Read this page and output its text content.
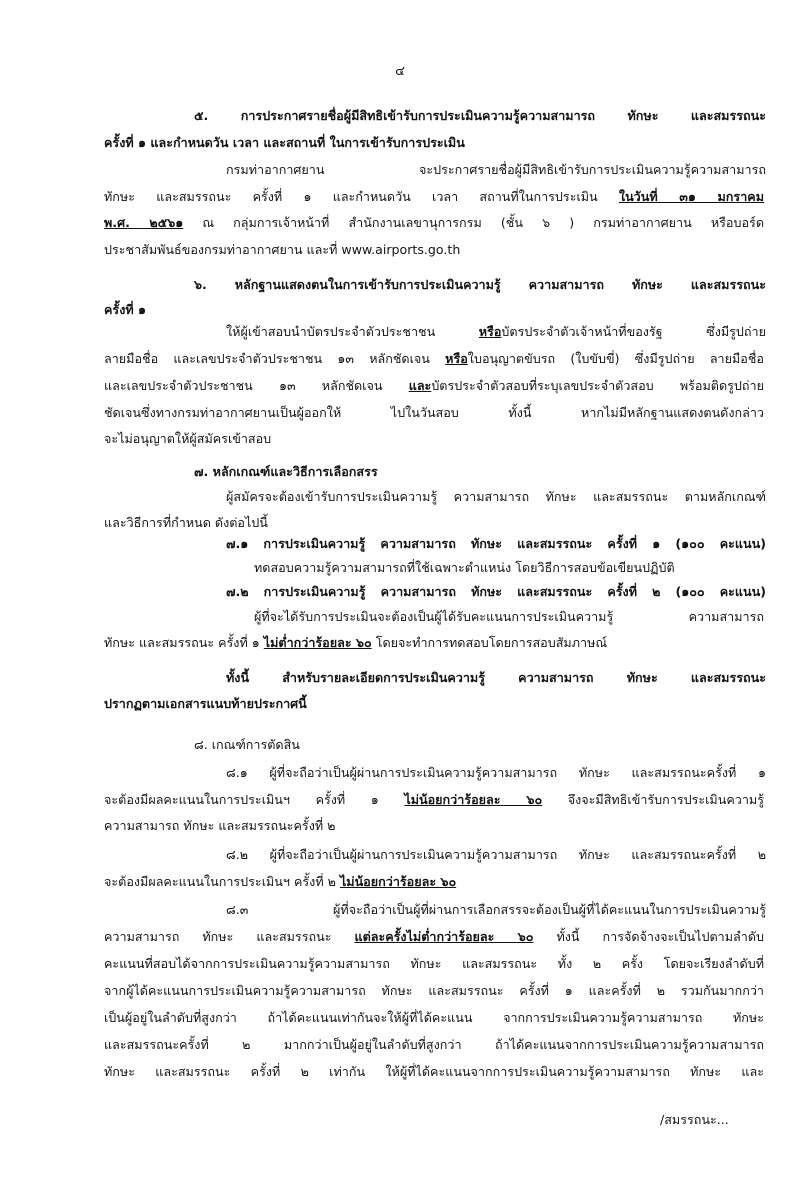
๔
๕. การประกาศรายชื่อผู้มีสิทธิเข้ารับการประเมินความรู้ความสามารถ ทักษะ และสมรรถนะ
ครั้งที่ ๑ และกำหนดวัน เวลา และสถานที่ ในการเข้ารับการประเมิน
กรมท่าอากาศยาน จะประกาศรายชื่อผู้มีสิทธิเข้ารับการประเมินความรู้ความสามารถ
ทักษะ และสมรรถนะ ครั้งที่ ๑ และกำหนดวัน เวลา สถานที่ในการประเมิน ในวันที่ ๓๑ มกราคม
พ.ศ. ๒๕๖๑ ณ กลุ่มการเจ้าหน้าที่ สำนักงานเลขานุการกรม (ชั้น ๖ ) กรมท่าอากาศยาน หรือบอร์ด
ประชาสัมพันธ์ของกรมท่าอากาศยาน และที่ www.airports.go.th
๖. หลักฐานแสดงตนในการเข้ารับการประเมินความรู้ ความสามารถ ทักษะ และสมรรถนะ
ครั้งที่ ๑
ให้ผู้เข้าสอบนำบัตรประจำตัวประชาชน หรือบัตรประจำตัวเจ้าหน้าที่ของรัฐ ซึ่งมีรูปถ่าย
ลายมือชื่อ และเลขประจำตัวประชาชน ๑๓ หลักชัดเจน หรือใบอนุญาตขับรถ (ใบขับขี่) ซึ่งมีรูปถ่าย ลายมือชื่อ
และเลขประจำตัวประชาชน ๑๓ หลักชัดเจน และบัตรประจำตัวสอบที่ระบุเลขประจำตัวสอบ พร้อมติดรูปถ่าย
ชัดเจนซึ่งทางกรมท่าอากาศยานเป็นผู้ออกให้ ไปในวันสอบ ทั้งนี้ หากไม่มีหลักฐานแสดงตนดังกล่าว
จะไม่อนุญาตให้ผู้สมัครเข้าสอบ
๗. หลักเกณฑ์และวิธีการเลือกสรร
ผู้สมัครจะต้องเข้ารับการประเมินความรู้ ความสามารถ ทักษะ และสมรรถนะ ตามหลักเกณฑ์
และวิธีการที่กำหนด ดังต่อไปนี้
๗.๑ การประเมินความรู้ ความสามารถ ทักษะ และสมรรถนะ ครั้งที่ ๑ (๑๐๐ คะแนน)
ทดสอบความรู้ความสามารถที่ใช้เฉพาะตำแหน่ง โดยวิธีการสอบข้อเขียนปฏิบัติ
๗.๒ การประเมินความรู้ ความสามารถ ทักษะ และสมรรถนะ ครั้งที่ ๒ (๑๐๐ คะแนน)
ผู้ที่จะได้รับการประเมินจะต้องเป็นผู้ได้รับคะแนนการประเมินความรู้ ความสามารถ
ทักษะ และสมรรถนะ ครั้งที่ ๑ ไม่ต่ำกว่าร้อยละ ๖๐ โดยจะทำการทดสอบโดยการสอบสัมภาษณ์
ทั้งนี้ สำหรับรายละเอียดการประเมินความรู้ ความสามารถ ทักษะ และสมรรถนะ
ปรากฏตามเอกสารแนบท้ายประกาศนี้
๘. เกณฑ์การตัดสิน
๘.๑ ผู้ที่จะถือว่าเป็นผู้ผ่านการประเมินความรู้ความสามารถ ทักษะ และสมรรถนะครั้งที่ ๑
จะต้องมีผลคะแนนในการประเมินฯ ครั้งที่ ๑ ไม่น้อยกว่าร้อยละ ๖๐ จึงจะมีสิทธิเข้ารับการประเมินความรู้
ความสามารถ ทักษะ และสมรรถนะครั้งที่ ๒
๘.๒ ผู้ที่จะถือว่าเป็นผู้ผ่านการประเมินความรู้ความสามารถ ทักษะ และสมรรถนะครั้งที่ ๒
จะต้องมีผลคะแนนในการประเมินฯ ครั้งที่ ๒ ไม่น้อยกว่าร้อยละ ๖๐
๘.๓ ผู้ที่จะถือว่าเป็นผู้ที่ผ่านการเลือกสรรจะต้องเป็นผู้ที่ได้คะแนนในการประเมินความรู้
ความสามารถ ทักษะ และสมรรถนะ แต่ละครั้งไม่ต่ำกว่าร้อยละ ๖๐ ทั้งนี้ การจัดจ้างจะเป็นไปตามลำดับ
คะแนนที่สอบได้จากการประเมินความรู้ความสามารถ ทักษะ และสมรรถนะ ทั้ง ๒ ครั้ง โดยจะเรียงลำดับที่
จากผู้ได้คะแนนการประเมินความรู้ความสามารถ ทักษะ และสมรรถนะ ครั้งที่ ๑ และครั้งที่ ๒ รวมกันมากกว่า
เป็นผู้อยู่ในลำดับที่สูงกว่า ถ้าได้คะแนนเท่ากันจะให้ผู้ที่ได้คะแนน จากการประเมินความรู้ความสามารถ ทักษะ
และสมรรถนะครั้งที่ ๒ มากกว่าเป็นผู้อยู่ในลำดับที่สูงกว่า ถ้าได้คะแนนจากการประเมินความรู้ความสามารถ
ทักษะ และสมรรถนะ ครั้งที่ ๒ เท่ากัน ให้ผู้ที่ได้คะแนนจากการประเมินความรู้ความสามารถ ทักษะ และ
/สมรรถนะ...
